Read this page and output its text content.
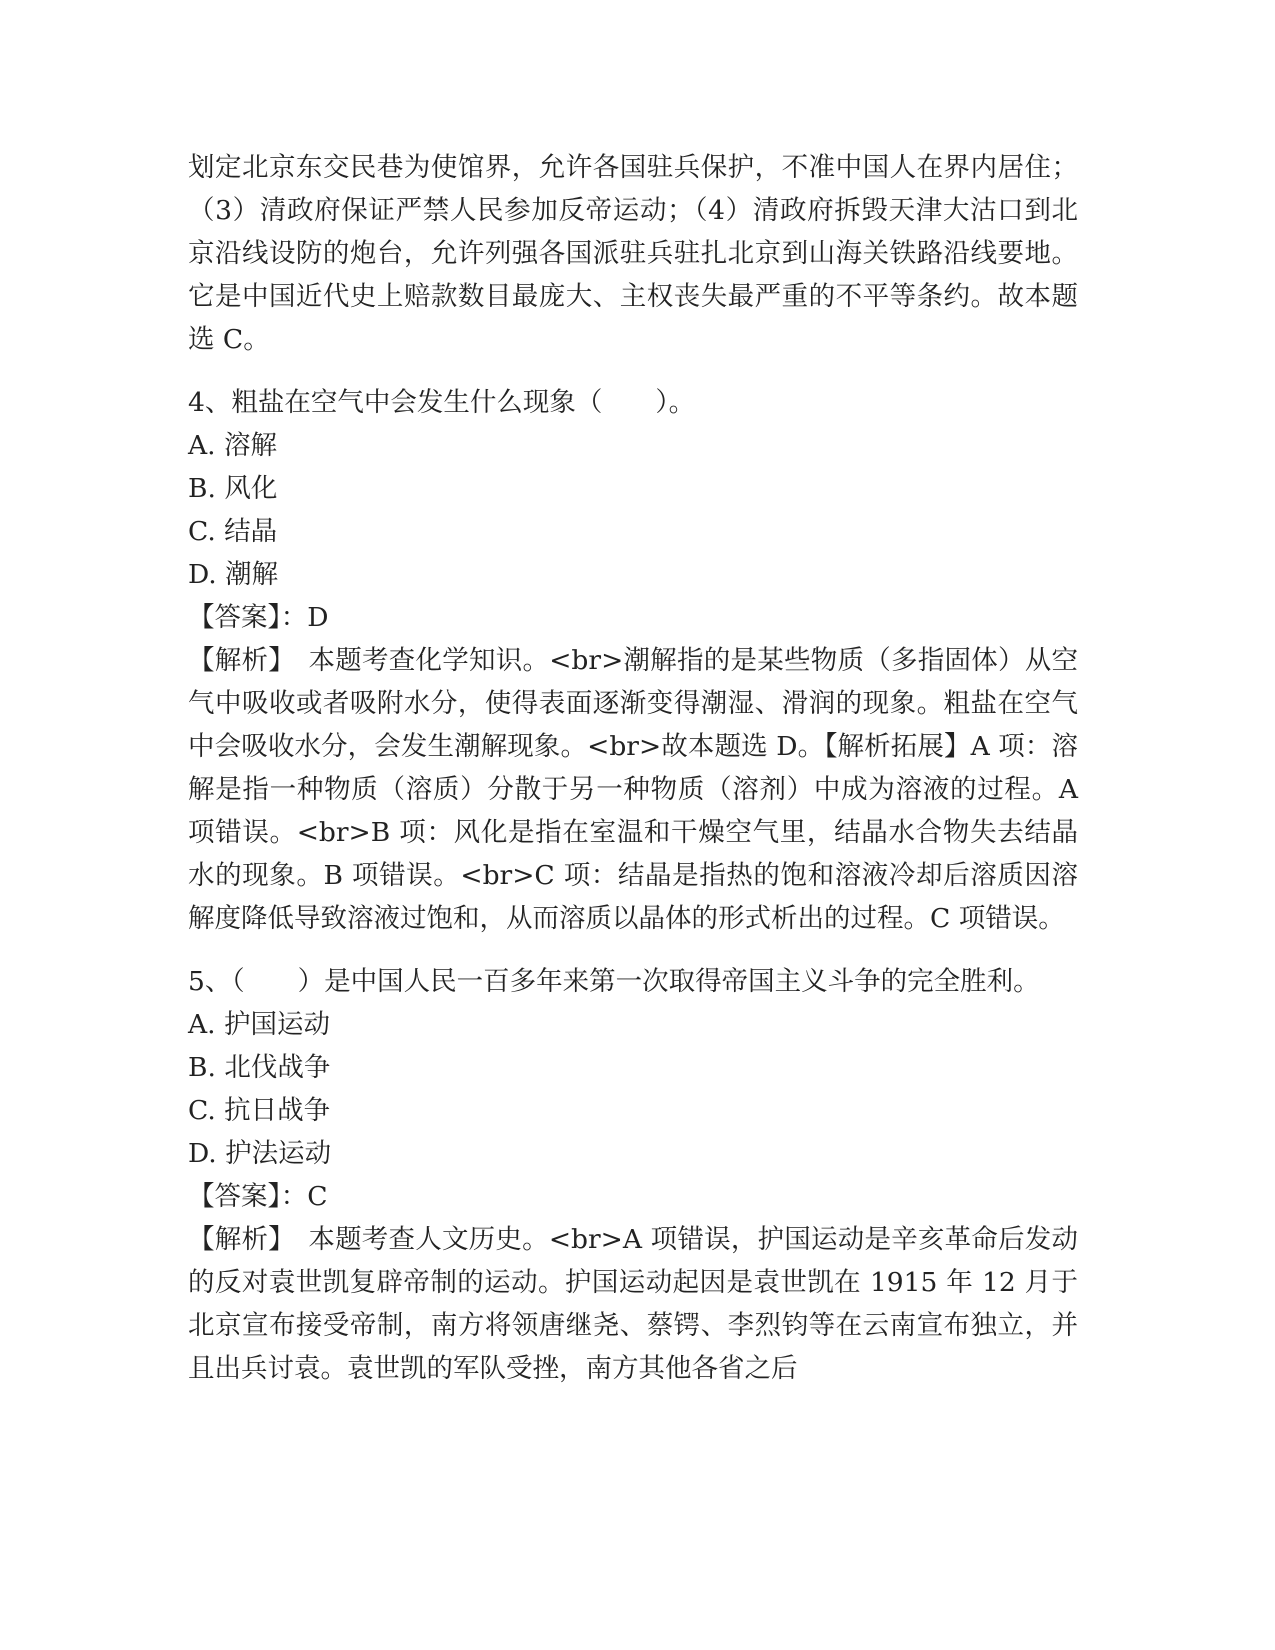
划定北京东交民巷为使馆界，允许各国驻兵保护，不准中国人在界内居住；（3）清政府保证严禁人民参加反帝运动；（4）清政府拆毁天津大沽口到北京沿线设防的炮台，允许列强各国派驻兵驻扎北京到山海关铁路沿线要地。它是中国近代史上赔款数目最庞大、主权丧失最严重的不平等条约。故本题选 C。

4、粗盐在空气中会发生什么现象（　　）。

A. 溶解

B. 风化

C. 结晶

D. 潮解

【答案】：D

【解析】　本题考查化学知识。<br>潮解指的是某些物质（多指固体）从空气中吸收或者吸附水分，使得表面逐渐变得潮湿、滑润的现象。粗盐在空气中会吸收水分，会发生潮解现象。<br>故本题选 D。【解析拓展】A 项：溶解是指一种物质（溶质）分散于另一种物质（溶剂）中成为溶液的过程。A 项错误。<br>B 项：风化是指在室温和干燥空气里，结晶水合物失去结晶水的现象。B 项错误。<br>C 项：结晶是指热的饱和溶液冷却后溶质因溶解度降低导致溶液过饱和，从而溶质以晶体的形式析出的过程。C 项错误。

5、（　　）是中国人民一百多年来第一次取得帝国主义斗争的完全胜利。

A. 护国运动

B. 北伐战争

C. 抗日战争

D. 护法运动

【答案】：C

【解析】　本题考查人文历史。<br>A 项错误，护国运动是辛亥革命后发动的反对袁世凯复辟帝制的运动。护国运动起因是袁世凯在 1915 年 12 月于北京宣布接受帝制，南方将领唐继尧、蔡锷、李烈钧等在云南宣布独立，并且出兵讨袁。袁世凯的军队受挫，南方其他各省之后
